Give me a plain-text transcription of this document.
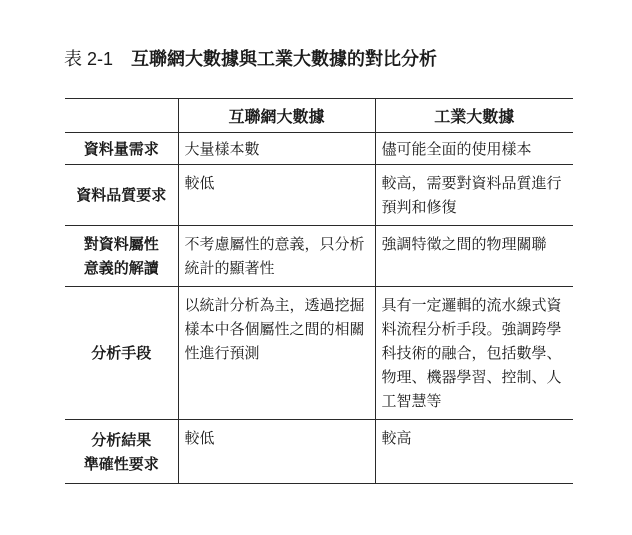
表 2-1 互聯網大數據與工業大數據的對比分析
	互聯網大數據	工業大數據
資料量需求	大量樣本數	儘可能全面的使用樣本
資料品質要求	較低	較高，需要對資料品質進行預判和修復
對資料屬性
意義的解讀	不考慮屬性的意義，只分析統計的顯著性	強調特徵之間的物理關聯
分析手段	以統計分析為主，透過挖掘樣本中各個屬性之間的相關性進行預測	具有一定邏輯的流水線式資料流程分析手段。強調跨學科技術的融合，包括數學、物理、機器學習、控制、人工智慧等
分析結果
準確性要求	較低	較高
